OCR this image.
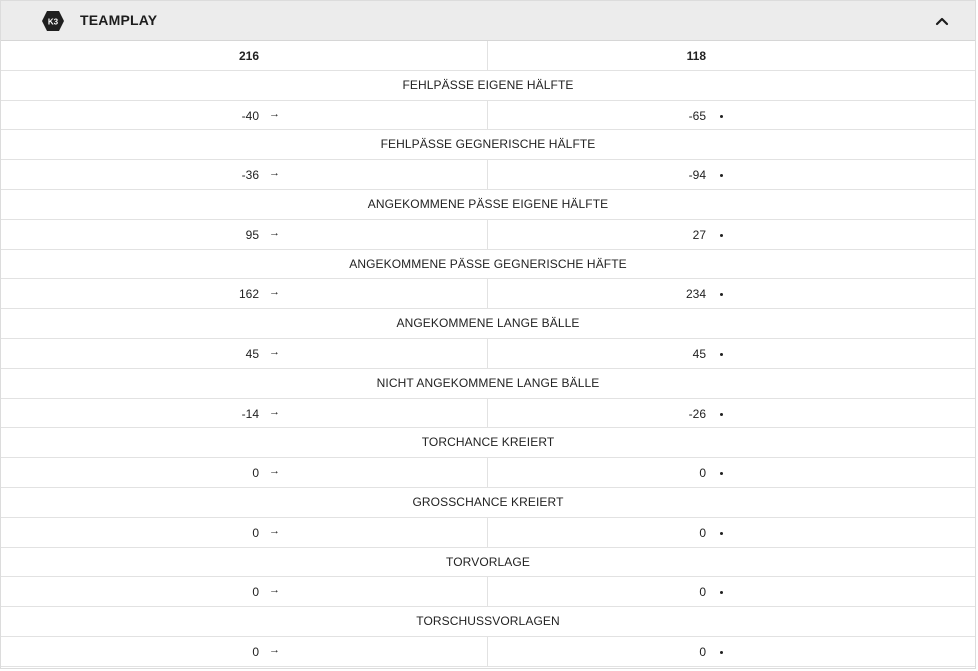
K3 TEAMPLAY
216	118
FEHLPÄSSE EIGENE HÄLFTE
-40 →	-65
FEHLPÄSSE GEGNERISCHE HÄLFTE
-36 →	-94
ANGEKOMMENE PÄSSE EIGENE HÄLFTE
95 →	27
ANGEKOMMENE PÄSSE GEGNERISCHE HÄFTE
162 →	234
ANGEKOMMENE LANGE BÄLLE
45 →	45
NICHT ANGEKOMMENE LANGE BÄLLE
-14 →	-26
TORCHANCE KREIERT
0 →	0
GROSSCHANCE KREIERT
0 →	0
TORVORLAGE
0 →	0
TORSCHUSSVORLAGEN
0 →	0
